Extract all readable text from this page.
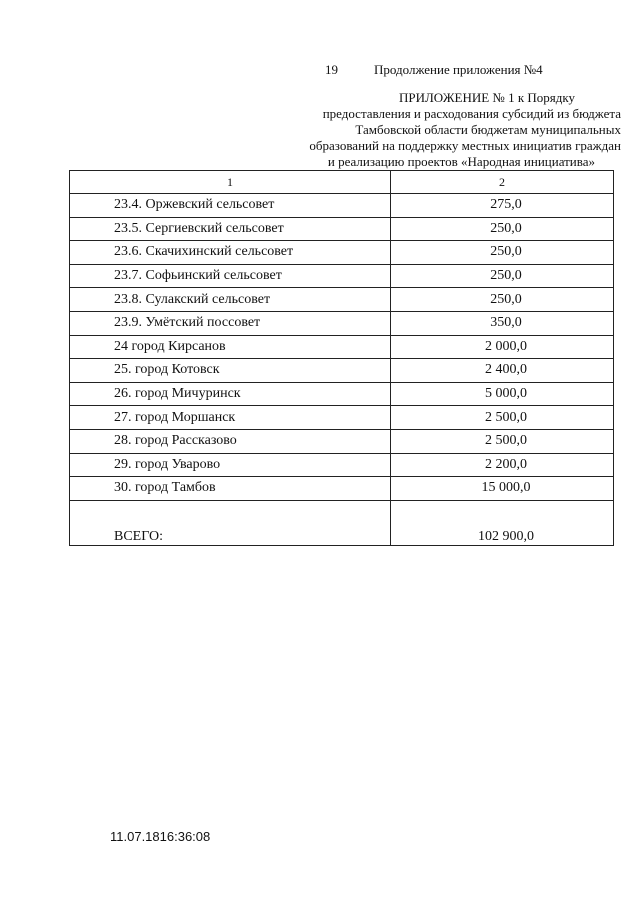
19	Продолжение приложения №4
ПРИЛОЖЕНИЕ № 1 к Порядку
предоставления и расходования субсидий из бюджета
Тамбовской области бюджетам муниципальных
образований на поддержку местных инициатив граждан
и реализацию проектов «Народная инициатива»
1	2
23.4. Оржевский сельсовет	275,0
23.5. Сергиевский сельсовет	250,0
23.6. Скачихинский сельсовет	250,0
23.7. Софьинский сельсовет	250,0
23.8. Сулакский сельсовет	250,0
23.9. Умётский поссовет	350,0
24 город Кирсанов	2 000,0
25. город Котовск	2 400,0
26. город Мичуринск	5 000,0
27. город Моршанск	2 500,0
28. город Рассказово	2 500,0
29. город Уварово	2 200,0
30. город Тамбов	15 000,0
ВСЕГО:	102 900,0
11.07.1816:36:08
